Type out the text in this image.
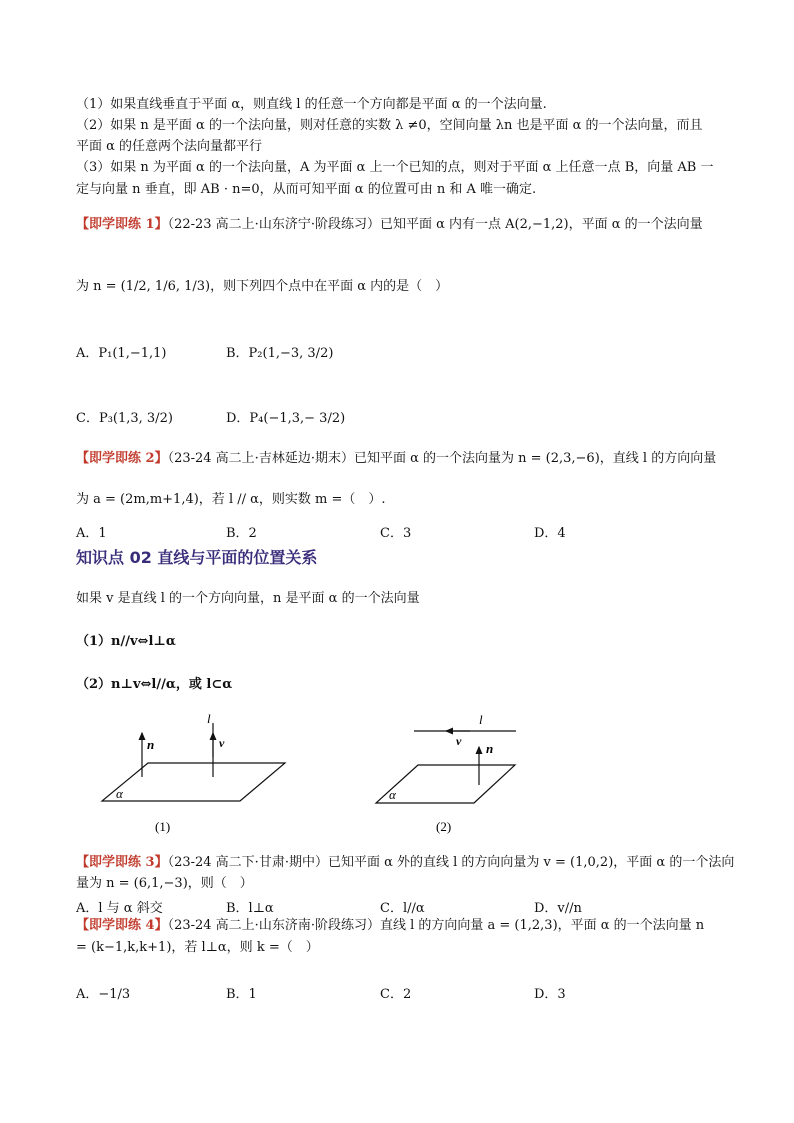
（1）如果直线垂直于平面 α，则直线 l 的任意一个方向都是平面 α 的一个法向量.
（2）如果 n 是平面 α 的一个法向量，则对任意的实数 λ ≠0，空间向量 λn 也是平面 α 的一个法向量，而且
平面 α 的任意两个法向量都平行
（3）如果 n 为平面 α 的一个法向量，A 为平面 α 上一个已知的点，则对于平面 α 上任意一点 B，向量 AB 一
定与向量 n 垂直，即 AB · n=0，从而可知平面 α 的位置可由 n 和 A 唯一确定.
【即学即练 1】（22-23 高二上·山东济宁·阶段练习）已知平面 α 内有一点 A(2,−1,2)，平面 α 的一个法向量
为 n = (1/2, 1/6, 1/3)，则下列四个点中在平面 α 内的是（　）
A．P₁(1,−1,1)	B．P₂(1,−3, 3/2)
C．P₃(1,3, 3/2)	D．P₄(−1,3,− 3/2)
【即学即练 2】（23-24 高二上·吉林延边·期末）已知平面 α 的一个法向量为 n = (2,3,−6)，直线 l 的方向向量
为 a = (2m,m+1,4)，若 l // α，则实数 m =（　）.
A．1	B．2	C．3	D．4
知识点 02 直线与平面的位置关系
如果 v 是直线 l 的一个方向向量，n 是平面 α 的一个法向量
（1）n//v⇔l⊥α
（2）n⊥v⇔l//α，或 l⊂α
n
l
v
α
(1)
l
v n
α
(2)
【即学即练 3】（23-24 高二下·甘肃·期中）已知平面 α 外的直线 l 的方向向量为 v = (1,0,2)，平面 α 的一个法向
量为 n = (6,1,−3)，则（　）
A．l 与 α 斜交	B．l⊥α	C．l//α	D．v//n
【即学即练 4】（23-24 高二上·山东济南·阶段练习）直线 l 的方向向量 a = (1,2,3)，平面 α 的一个法向量 n
= (k−1,k,k+1)，若 l⊥α，则 k =（　）
A．−1/3	B．1	C．2	D．3
